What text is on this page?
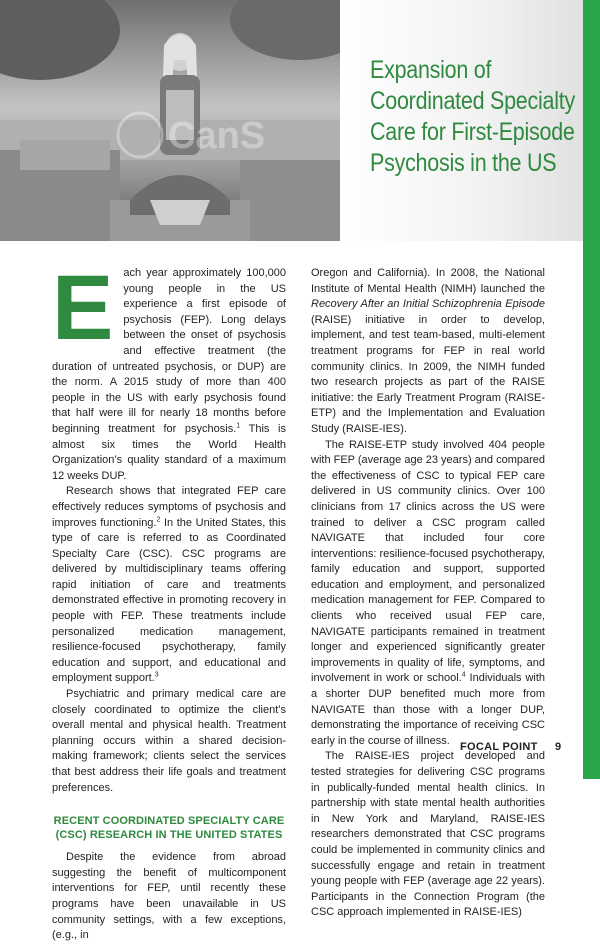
CanS
Expansion of
Coordinated Specialty
Care for First-Episode
Psychosis in the US

Each year approximately 100,000 young people in the US experience a first episode of psychosis (FEP). Long delays between the onset of psychosis and effective treatment (the duration of untreated psychosis, or DUP) are the norm. A 2015 study of more than 400 people in the US with early psychosis found that half were ill for nearly 18 months before beginning treatment for psychosis.$^1$ This is almost six times the World Health Organization’s quality standard of a maximum 12 weeks DUP.

Research shows that integrated FEP care effectively reduces symptoms of psychosis and improves functioning.$^2$ In the United States, this type of care is referred to as Coordinated Specialty Care (CSC). CSC programs are delivered by multidisciplinary teams offering rapid initiation of care and treatments demonstrated effective in promoting recovery in people with FEP. These treatments include personalized medication management, resilience-focused psychotherapy, family education and support, and educational and employment support.$^3$

Psychiatric and primary medical care are closely coordinated to optimize the client’s overall mental and physical health. Treatment planning occurs within a shared decision-making framework; clients select the services that best address their life goals and treatment preferences.

RECENT COORDINATED SPECIALTY CARE
(CSC) RESEARCH IN THE UNITED STATES

Despite the evidence from abroad suggesting the benefit of multicomponent interventions for FEP, until recently these programs have been unavailable in US community settings, with a few exceptions, (e.g., in

Oregon and California). In 2008, the National Institute of Mental Health (NIMH) launched the Recovery After an Initial Schizophrenia Episode (RAISE) initiative in order to develop, implement, and test team-based, multi-element treatment programs for FEP in real world community clinics. In 2009, the NIMH funded two research projects as part of the RAISE initiative: the Early Treatment Program (RAISE-ETP) and the Implementation and Evaluation Study (RAISE-IES).

The RAISE-ETP study involved 404 people with FEP (average age 23 years) and compared the effectiveness of CSC to typical FEP care delivered in US community clinics. Over 100 clinicians from 17 clinics across the US were trained to deliver a CSC program called NAVIGATE that included four core interventions: resilience-focused psychotherapy, family education and support, supported education and employment, and personalized medication management for FEP. Compared to clients who received usual FEP care, NAVIGATE participants remained in treatment longer and experienced significantly greater improvements in quality of life, symptoms, and involvement in work or school.$^4$ Individuals with a shorter DUP benefited much more from NAVIGATE than those with a longer DUP, demonstrating the importance of receiving CSC early in the course of illness.

The RAISE-IES project developed and tested strategies for delivering CSC programs in publically-funded mental health clinics. In partnership with state mental health authorities in New York and Maryland, RAISE-IES researchers demonstrated that CSC programs could be implemented in community clinics and successfully engage and retain in treatment young people with FEP (average age 22 years). Participants in the Connection Program (the CSC approach implemented in RAISE-IES)

FOCAL POINT 9
